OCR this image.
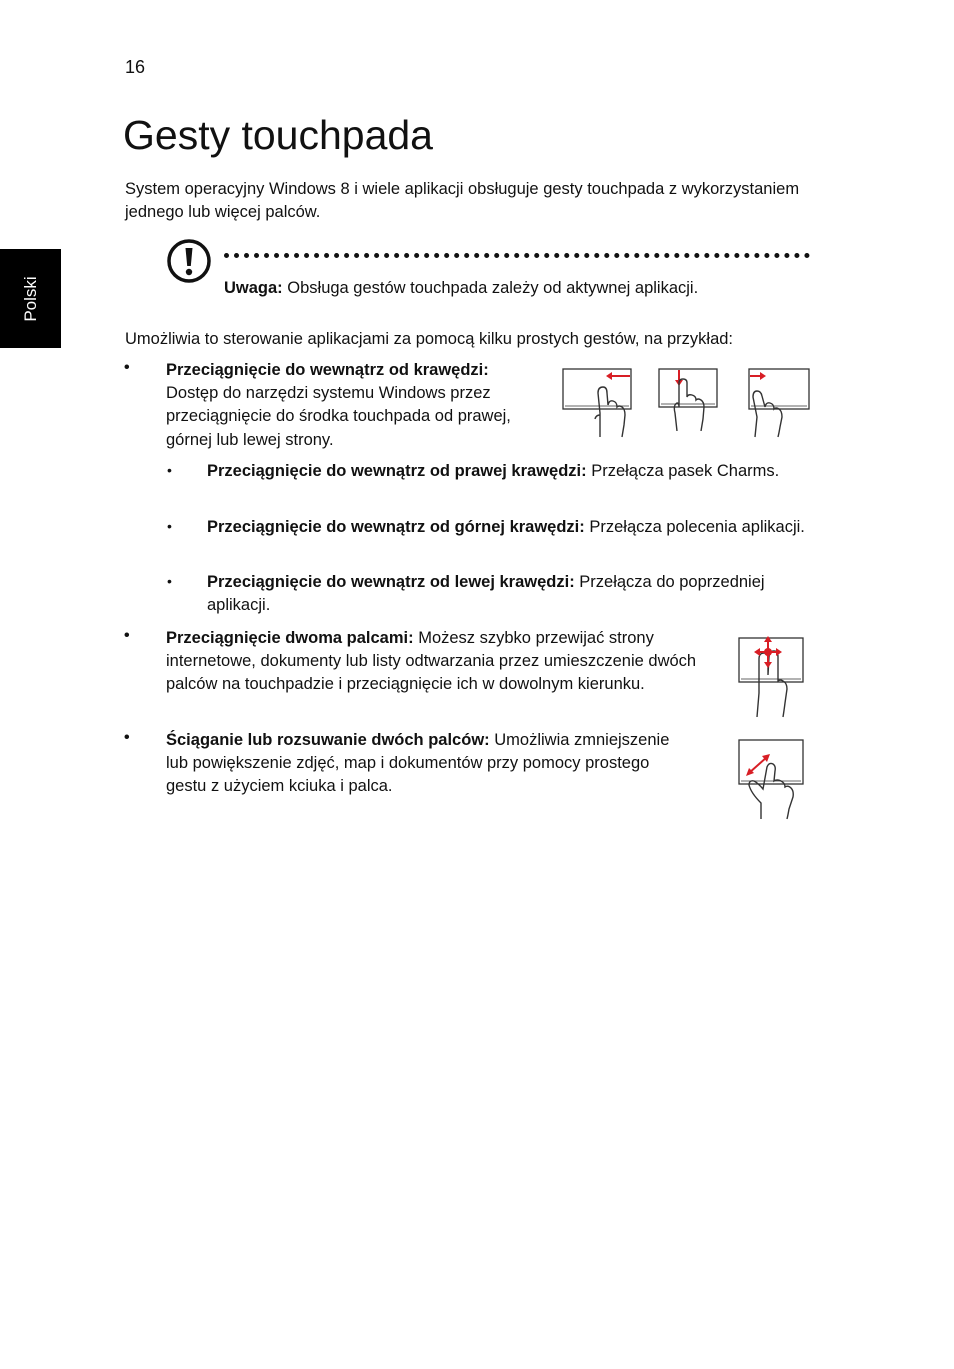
16
Polski
Gesty touchpada

System operacyjny Windows 8 i wiele aplikacji obsługuje gesty touchpada z wykorzystaniem jednego lub więcej palców.

Uwaga: Obsługa gestów touchpada zależy od aktywnej aplikacji.

Umożliwia to sterowanie aplikacjami za pomocą kilku prostych gestów, na przykład:

• Przeciągnięcie do wewnątrz od krawędzi: Dostęp do narzędzi systemu Windows przez przeciągnięcie do środka touchpada od prawej, górnej lub lewej strony.

• Przeciągnięcie do wewnątrz od prawej krawędzi: Przełącza pasek Charms.

• Przeciągnięcie do wewnątrz od górnej krawędzi: Przełącza polecenia aplikacji.

• Przeciągnięcie do wewnątrz od lewej krawędzi: Przełącza do poprzedniej aplikacji.

• Przeciągnięcie dwoma palcami: Możesz szybko przewijać strony internetowe, dokumenty lub listy odtwarzania przez umieszczenie dwóch palców na touchpadzie i przeciągnięcie ich w dowolnym kierunku.

• Ściąganie lub rozsuwanie dwóch palców: Umożliwia zmniejszenie lub powiększenie zdjęć, map i dokumentów przy pomocy prostego gestu z użyciem kciuka i palca.
